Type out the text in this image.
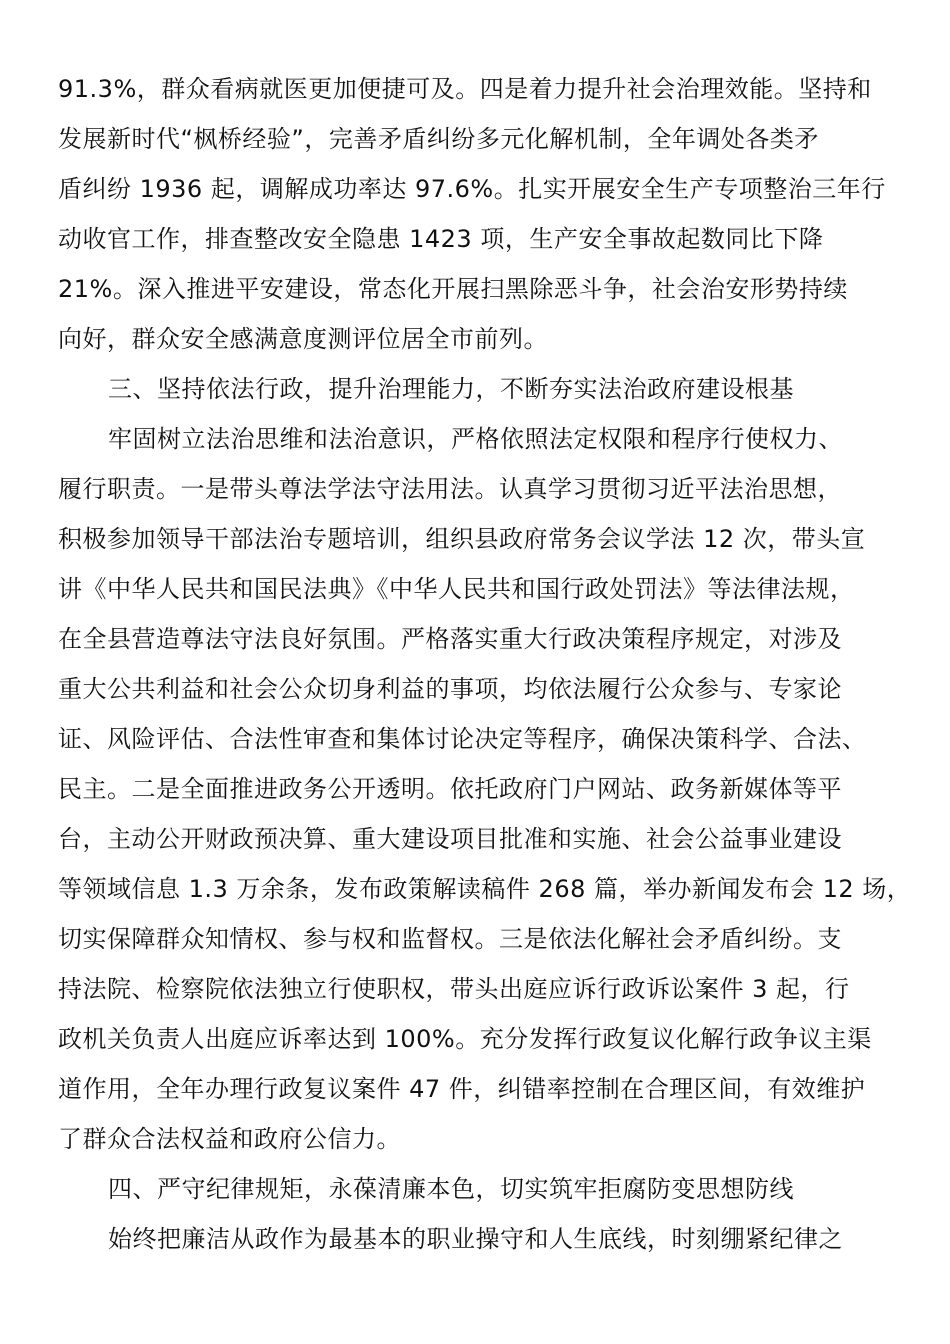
91.3%，群众看病就医更加便捷可及。四是着力提升社会治理效能。坚持和
发展新时代“枫桥经验”，完善矛盾纠纷多元化解机制，全年调处各类矛
盾纠纷 1936 起，调解成功率达 97.6%。扎实开展安全生产专项整治三年行
动收官工作，排查整改安全隐患 1423 项，生产安全事故起数同比下降
21%。深入推进平安建设，常态化开展扫黑除恶斗争，社会治安形势持续
向好，群众安全感满意度测评位居全市前列。
三、坚持依法行政，提升治理能力，不断夯实法治政府建设根基
牢固树立法治思维和法治意识，严格依照法定权限和程序行使权力、
履行职责。一是带头尊法学法守法用法。认真学习贯彻习近平法治思想，
积极参加领导干部法治专题培训，组织县政府常务会议学法 12 次，带头宣
讲《中华人民共和国民法典》《中华人民共和国行政处罚法》等法律法规，
在全县营造尊法守法良好氛围。严格落实重大行政决策程序规定，对涉及
重大公共利益和社会公众切身利益的事项，均依法履行公众参与、专家论
证、风险评估、合法性审查和集体讨论决定等程序，确保决策科学、合法、
民主。二是全面推进政务公开透明。依托政府门户网站、政务新媒体等平
台，主动公开财政预决算、重大建设项目批准和实施、社会公益事业建设
等领域信息 1.3 万余条，发布政策解读稿件 268 篇，举办新闻发布会 12 场，
切实保障群众知情权、参与权和监督权。三是依法化解社会矛盾纠纷。支
持法院、检察院依法独立行使职权，带头出庭应诉行政诉讼案件 3 起，行
政机关负责人出庭应诉率达到 100%。充分发挥行政复议化解行政争议主渠
道作用，全年办理行政复议案件 47 件，纠错率控制在合理区间，有效维护
了群众合法权益和政府公信力。
四、严守纪律规矩，永葆清廉本色，切实筑牢拒腐防变思想防线
始终把廉洁从政作为最基本的职业操守和人生底线，时刻绷紧纪律之
